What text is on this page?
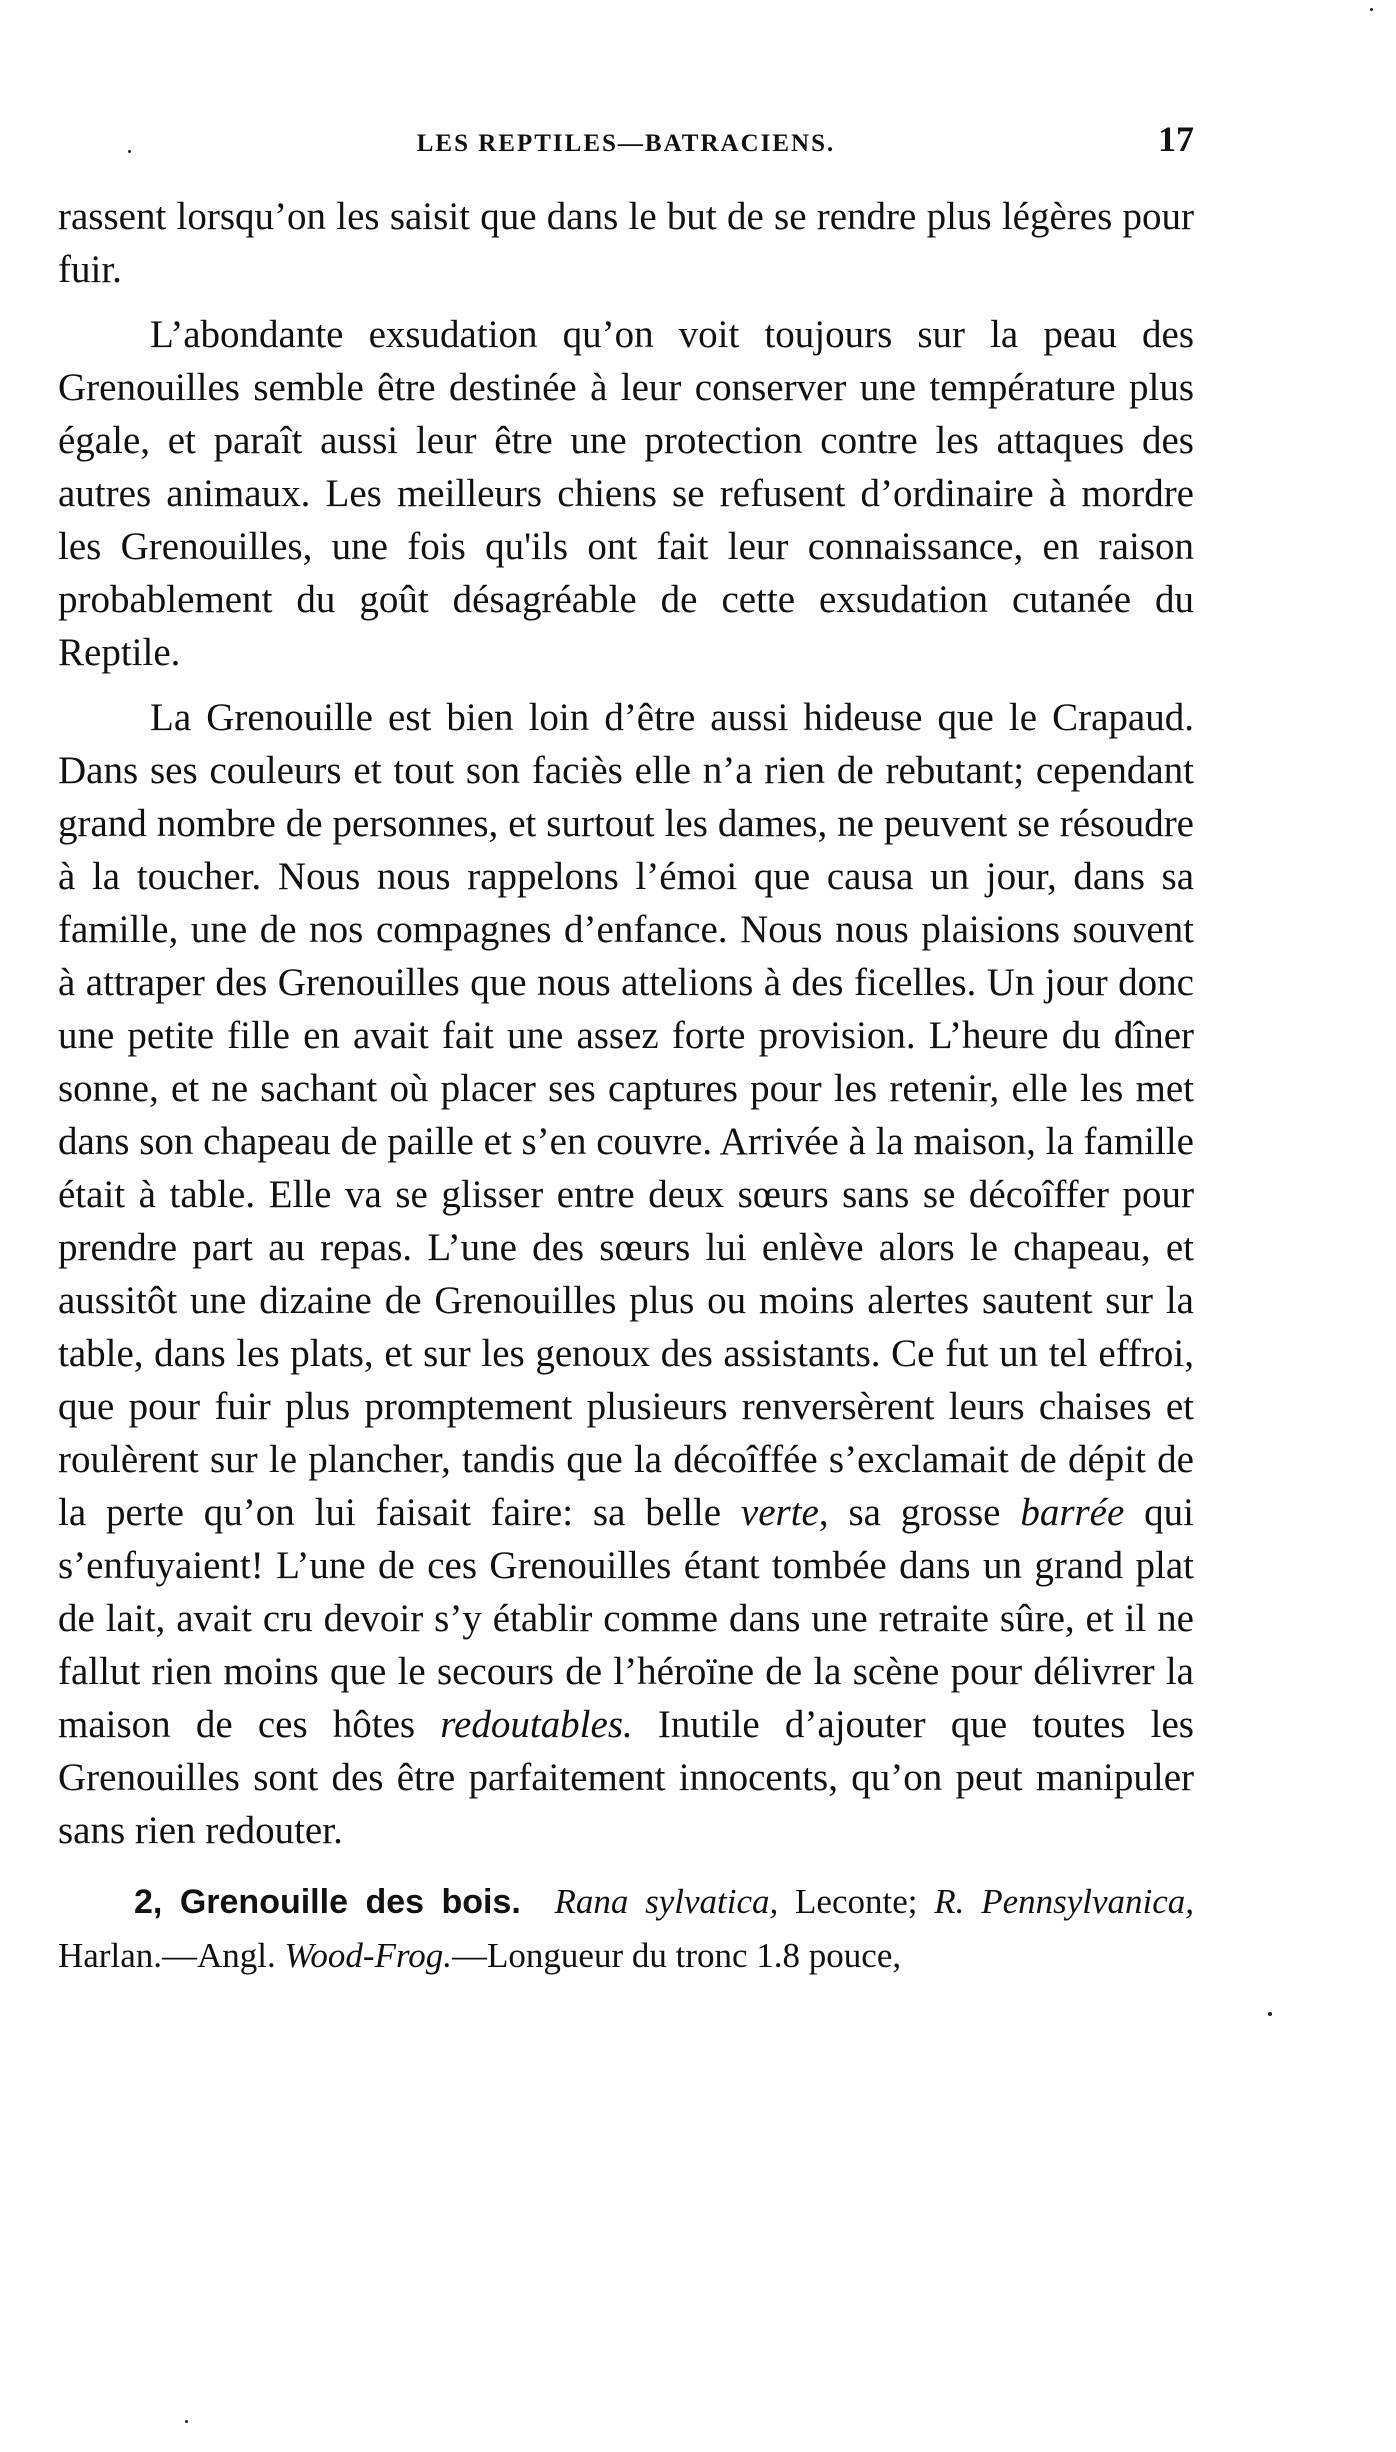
LES REPTILES—BATRACIENS.	17

rassent lorsqu’on les saisit que dans le but de se rendre plus légères pour fuir.

L’abondante exsudation qu’on voit toujours sur la peau des Grenouilles semble être destinée à leur conserver une température plus égale, et paraît aussi leur être une protection contre les attaques des autres animaux. Les meilleurs chiens se refusent d’ordinaire à mordre les Grenouilles, une fois qu'ils ont fait leur connaissance, en raison probablement du goût désagréable de cette exsudation cutanée du Reptile.

La Grenouille est bien loin d’être aussi hideuse que le Crapaud. Dans ses couleurs et tout son faciès elle n’a rien de rebutant; cependant grand nombre de personnes, et surtout les dames, ne peuvent se résoudre à la toucher. Nous nous rappelons l’émoi que causa un jour, dans sa famille, une de nos compagnes d’enfance. Nous nous plaisions souvent à attraper des Grenouilles que nous attelions à des ficelles. Un jour donc une petite fille en avait fait une assez forte provision. L’heure du dîner sonne, et ne sachant où placer ses captures pour les retenir, elle les met dans son chapeau de paille et s’en couvre. Arrivée à la maison, la famille était à table. Elle va se glisser entre deux sœurs sans se décoîffer pour prendre part au repas. L’une des sœurs lui enlève alors le chapeau, et aussitôt une dizaine de Grenouilles plus ou moins alertes sautent sur la table, dans les plats, et sur les genoux des assistants. Ce fut un tel effroi, que pour fuir plus promptement plusieurs renversèrent leurs chaises et roulèrent sur le plancher, tandis que la décoîffée s’exclamait de dépit de la perte qu’on lui faisait faire: sa belle verte, sa grosse barrée qui s’enfuyaient! L’une de ces Grenouilles étant tombée dans un grand plat de lait, avait cru devoir s’y établir comme dans une retraite sûre, et il ne fallut rien moins que le secours de l’héroïne de la scène pour délivrer la maison de ces hôtes redoutables. Inutile d’ajouter que toutes les Grenouilles sont des être parfaitement innocents, qu’on peut manipuler sans rien redouter.

2, Grenouille des bois. Rana sylvatica, Leconte; R. Pennsylvanica, Harlan.—Angl. Wood-Frog.—Longueur du tronc 1.8 pouce,
